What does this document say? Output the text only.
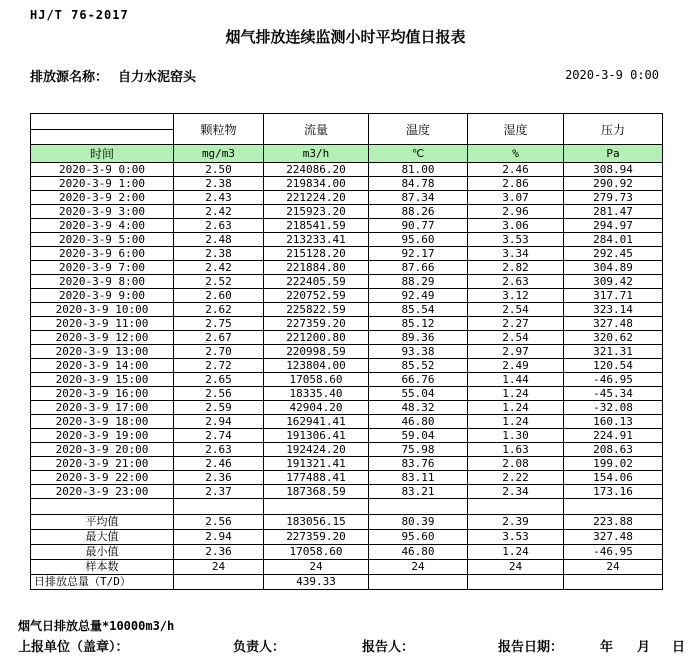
HJ/T 76-2017
烟气排放连续监测小时平均值日报表
排放源名称： 自力水泥窑头	2020-3-9 0:00
	颗粒物	流量	温度	湿度	压力

时间	mg/m3	m3/h	℃	%	Pa
2020-3-9 0:00	2.50	224086.20	81.00	2.46	308.94
2020-3-9 1:00	2.38	219834.00	84.78	2.86	290.92
2020-3-9 2:00	2.43	221224.20	87.34	3.07	279.73
2020-3-9 3:00	2.42	215923.20	88.26	2.96	281.47
2020-3-9 4:00	2.63	218541.59	90.77	3.06	294.97
2020-3-9 5:00	2.48	213233.41	95.60	3.53	284.01
2020-3-9 6:00	2.38	215128.20	92.17	3.34	292.45
2020-3-9 7:00	2.42	221884.80	87.66	2.82	304.89
2020-3-9 8:00	2.52	222405.59	88.29	2.63	309.42
2020-3-9 9:00	2.60	220752.59	92.49	3.12	317.71
2020-3-9 10:00	2.62	225822.59	85.54	2.54	323.14
2020-3-9 11:00	2.75	227359.20	85.12	2.27	327.48
2020-3-9 12:00	2.67	221200.80	89.36	2.54	320.62
2020-3-9 13:00	2.70	220998.59	93.38	2.97	321.31
2020-3-9 14:00	2.72	123804.00	85.52	2.49	120.54
2020-3-9 15:00	2.65	17058.60	66.76	1.44	-46.95
2020-3-9 16:00	2.56	18335.40	55.04	1.24	-45.34
2020-3-9 17:00	2.59	42904.20	48.32	1.24	-32.08
2020-3-9 18:00	2.94	162941.41	46.80	1.24	160.13
2020-3-9 19:00	2.74	191306.41	59.04	1.30	224.91
2020-3-9 20:00	2.63	192424.20	75.98	1.63	208.63
2020-3-9 21:00	2.46	191321.41	83.76	2.08	199.02
2020-3-9 22:00	2.36	177488.41	83.11	2.22	154.06
2020-3-9 23:00	2.37	187368.59	83.21	2.34	173.16

平均值	2.56	183056.15	80.39	2.39	223.88
最大值	2.94	227359.20	95.60	3.53	327.48
最小值	2.36	17058.60	46.80	1.24	-46.95
样本数	24	24	24	24	24
日排放总量（T/D）		439.33			
烟气日排放总量*10000m3/h
上报单位（盖章）：	负责人：	报告人：	报告日期：	年 月 日
